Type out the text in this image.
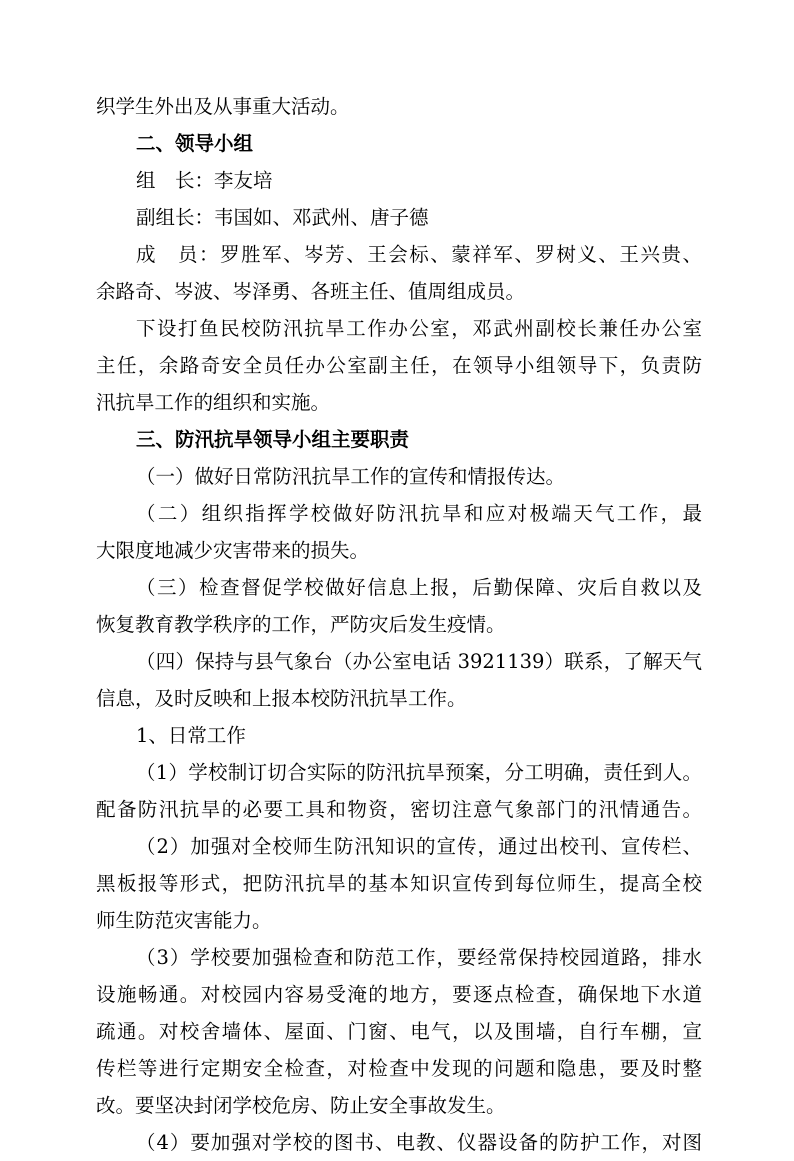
织学生外出及从事重大活动。
二、领导小组
组　长：李友培
副组长：韦国如、邓武州、唐子德
成　员：罗胜军、岑芳、王会标、蒙祥军、罗树义、王兴贵、
余路奇、岑波、岑泽勇、各班主任、值周组成员。
下设打鱼民校防汛抗旱工作办公室，邓武州副校长兼任办公室
主任，余路奇安全员任办公室副主任，在领导小组领导下，负责防
汛抗旱工作的组织和实施。
三、防汛抗旱领导小组主要职责
（一）做好日常防汛抗旱工作的宣传和情报传达。
（二）组织指挥学校做好防汛抗旱和应对极端天气工作，最
大限度地减少灾害带来的损失。
（三）检查督促学校做好信息上报，后勤保障、灾后自救以及
恢复教育教学秩序的工作，严防灾后发生疫情。
（四）保持与县气象台（办公室电话 3921139）联系，了解天气
信息，及时反映和上报本校防汛抗旱工作。
1、日常工作
（1）学校制订切合实际的防汛抗旱预案，分工明确，责任到人。
配备防汛抗旱的必要工具和物资，密切注意气象部门的汛情通告。
（2）加强对全校师生防汛知识的宣传，通过出校刊、宣传栏、
黑板报等形式，把防汛抗旱的基本知识宣传到每位师生，提高全校
师生防范灾害能力。
（3）学校要加强检查和防范工作，要经常保持校园道路，排水
设施畅通。对校园内容易受淹的地方，要逐点检查，确保地下水道
疏通。对校舍墙体、屋面、门窗、电气，以及围墙，自行车棚，宣
传栏等进行定期安全检查，对检查中发现的问题和隐患，要及时整
改。要坚决封闭学校危房、防止安全事故发生。
（4）要加强对学校的图书、电教、仪器设备的防护工作，对图
